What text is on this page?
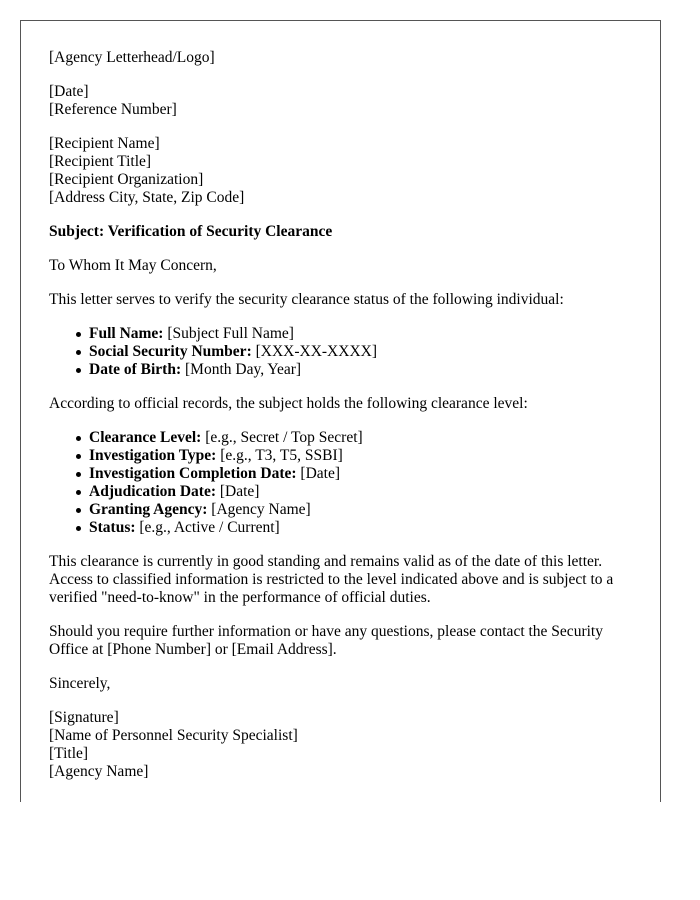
[Agency Letterhead/Logo]
[Date]
[Reference Number]
[Recipient Name]
[Recipient Title]
[Recipient Organization]
[Address City, State, Zip Code]

Subject: Verification of Security Clearance

To Whom It May Concern,

This letter serves to verify the security clearance status of the following individual:

Full Name: [Subject Full Name]
Social Security Number: [XXX-XX-XXXX]
Date of Birth: [Month Day, Year]

According to official records, the subject holds the following clearance level:

Clearance Level: [e.g., Secret / Top Secret]
Investigation Type: [e.g., T3, T5, SSBI]
Investigation Completion Date: [Date]
Adjudication Date: [Date]
Granting Agency: [Agency Name]
Status: [e.g., Active / Current]
This clearance is currently in good standing and remains valid as of the date of this letter.
Access to classified information is restricted to the level indicated above and is subject to a
verified "need-to-know" in the performance of official duties.
Should you require further information or have any questions, please contact the Security
Office at [Phone Number] or [Email Address].

Sincerely,

[Signature]
[Name of Personnel Security Specialist]
[Title]
[Agency Name]
